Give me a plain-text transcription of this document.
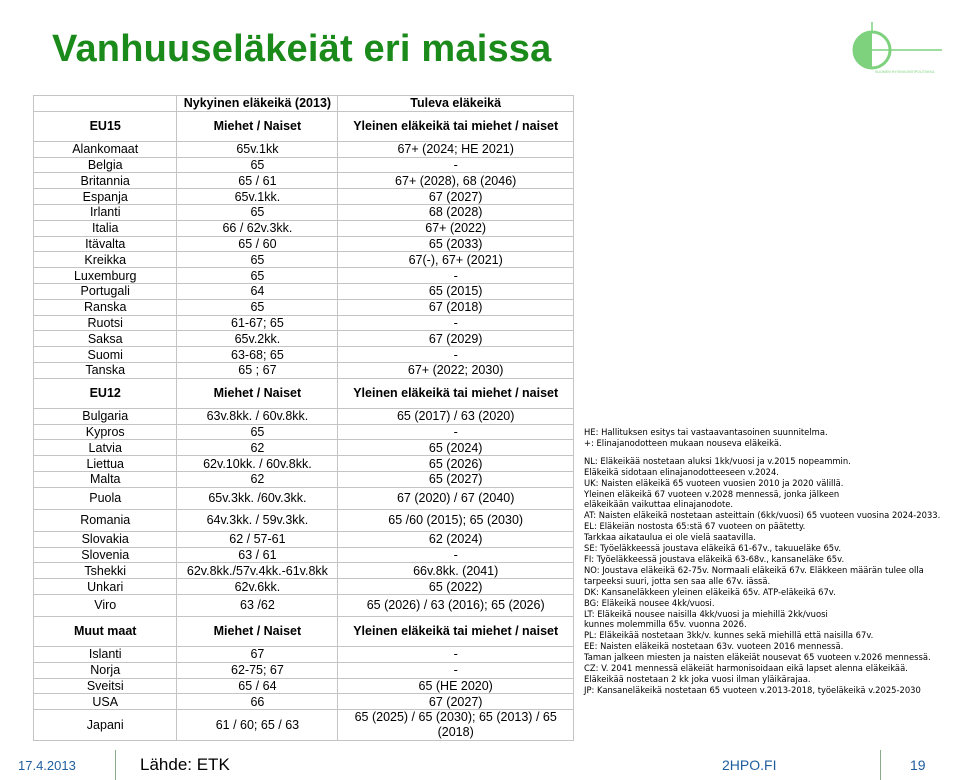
Vanhuuseläkeiät eri maissa
SUOMEN HYVINVOINTIPOLITIIKKA
	Nykyinen eläkeikä (2013)	Tuleva eläkeikä
EU15	Miehet / Naiset	Yleinen eläkeikä tai miehet / naiset
Alankomaat	65v.1kk	67+ (2024; HE 2021)
Belgia	65	-
Britannia	65 / 61	67+ (2028), 68 (2046)
Espanja	65v.1kk.	67 (2027)
Irlanti	65	68 (2028)
Italia	66 / 62v.3kk.	67+ (2022)
Itävalta	65 / 60	65 (2033)
Kreikka	65	67(-), 67+ (2021)
Luxemburg	65	-
Portugali	64	65 (2015)
Ranska	65	67 (2018)
Ruotsi	61-67; 65	-
Saksa	65v.2kk.	67 (2029)
Suomi	63-68; 65	-
Tanska	65 ; 67	67+ (2022; 2030)
EU12	Miehet / Naiset	Yleinen eläkeikä tai miehet / naiset
Bulgaria	63v.8kk. / 60v.8kk.	65 (2017) / 63 (2020)
Kypros	65	-
Latvia	62	65 (2024)
Liettua	62v.10kk. / 60v.8kk.	65 (2026)
Malta	62	65 (2027)
Puola	65v.3kk. /60v.3kk.	67 (2020) / 67 (2040)
Romania	64v.3kk. / 59v.3kk.	65 /60 (2015); 65 (2030)
Slovakia	62 / 57-61	62 (2024)
Slovenia	63 / 61	-
Tshekki	62v.8kk./57v.4kk.-61v.8kk	66v.8kk. (2041)
Unkari	62v.6kk.	65 (2022)
Viro	63 /62	65 (2026) / 63 (2016); 65 (2026)
Muut maat	Miehet / Naiset	Yleinen eläkeikä tai miehet / naiset
Islanti	67	-
Norja	62-75; 67	-
Sveitsi	65 / 64	65 (HE 2020)
USA	66	67 (2027)
Japani	61 / 60; 65 / 63	65 (2025) / 65 (2030); 65 (2013) / 65 (2018)
HE: Hallituksen esitys tai vastaavantasoinen suunnitelma.
+: Elinajanodotteen mukaan nouseva eläkeikä.
NL: Eläkeikää nostetaan aluksi 1kk/vuosi ja v.2015 nopeammin.
Eläkeikä sidotaan elinajanodotteeseen v.2024.
UK: Naisten eläkeikä 65 vuoteen vuosien 2010 ja 2020 välillä.
Yleinen eläkeikä 67 vuoteen v.2028 mennessä, jonka jälkeen
eläkeikään vaikuttaa elinajanodote.
AT: Naisten eläkeikä nostetaan asteittain (6kk/vuosi) 65 vuoteen vuosina 2024-2033.
EL: Eläkeiän nostosta 65:stä 67 vuoteen on päätetty.
Tarkkaa aikataulua ei ole vielä saatavilla.
SE: Työeläkkeessä joustava eläkeikä 61-67v., takuueläke 65v.
FI: Työeläkkeessä joustava eläkeikä 63-68v., kansaneläke 65v.
NO: Joustava eläkeikä 62-75v. Normaali eläkeikä 67v. Eläkkeen määrän tulee olla
tarpeeksi suuri, jotta sen saa alle 67v. iässä.
DK: Kansaneläkkeen yleinen eläkeikä 65v. ATP-eläkeikä 67v.
BG: Eläkeikä nousee 4kk/vuosi.
LT: Eläkeikä nousee naisilla 4kk/vuosi ja miehillä 2kk/vuosi
kunnes molemmilla 65v. vuonna 2026.
PL: Eläkeikää nostetaan 3kk/v. kunnes sekä miehillä että naisilla 67v.
EE: Naisten eläkeikä nostetaan 63v. vuoteen 2016 mennessä.
Taman jalkeen miesten ja naisten eläkeiät nousevat 65 vuoteen v.2026 mennessä.
CZ: V. 2041 mennessä eläkeiät harmonisoidaan eikä lapset alenna eläkeikää.
Eläkeikää nostetaan 2 kk joka vuosi ilman yläikärajaa.
JP: Kansaneläkeikä nostetaan 65 vuoteen v.2013-2018, työeläkeikä v.2025-2030
17.4.2013	Lähde: ETK	2HPO.FI	19
